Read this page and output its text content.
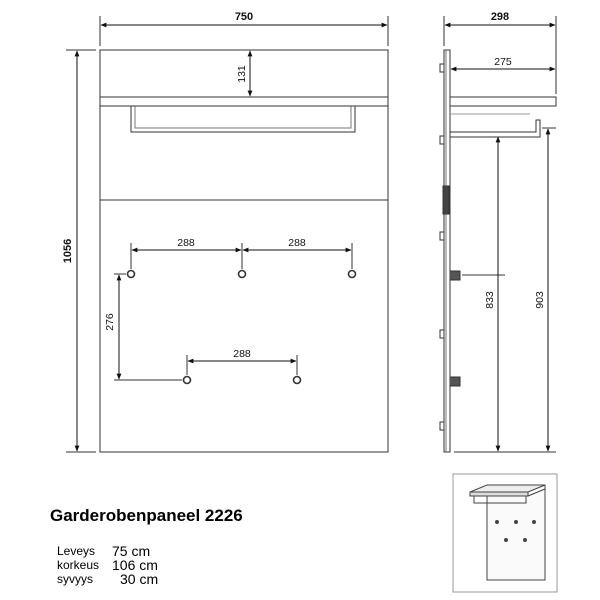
750
1056
131
288	288
276
288
298
275
833	903
Garderobenpaneel 2226
Leveys	75 cm
korkeus 106 cm
syvyys	30 cm
